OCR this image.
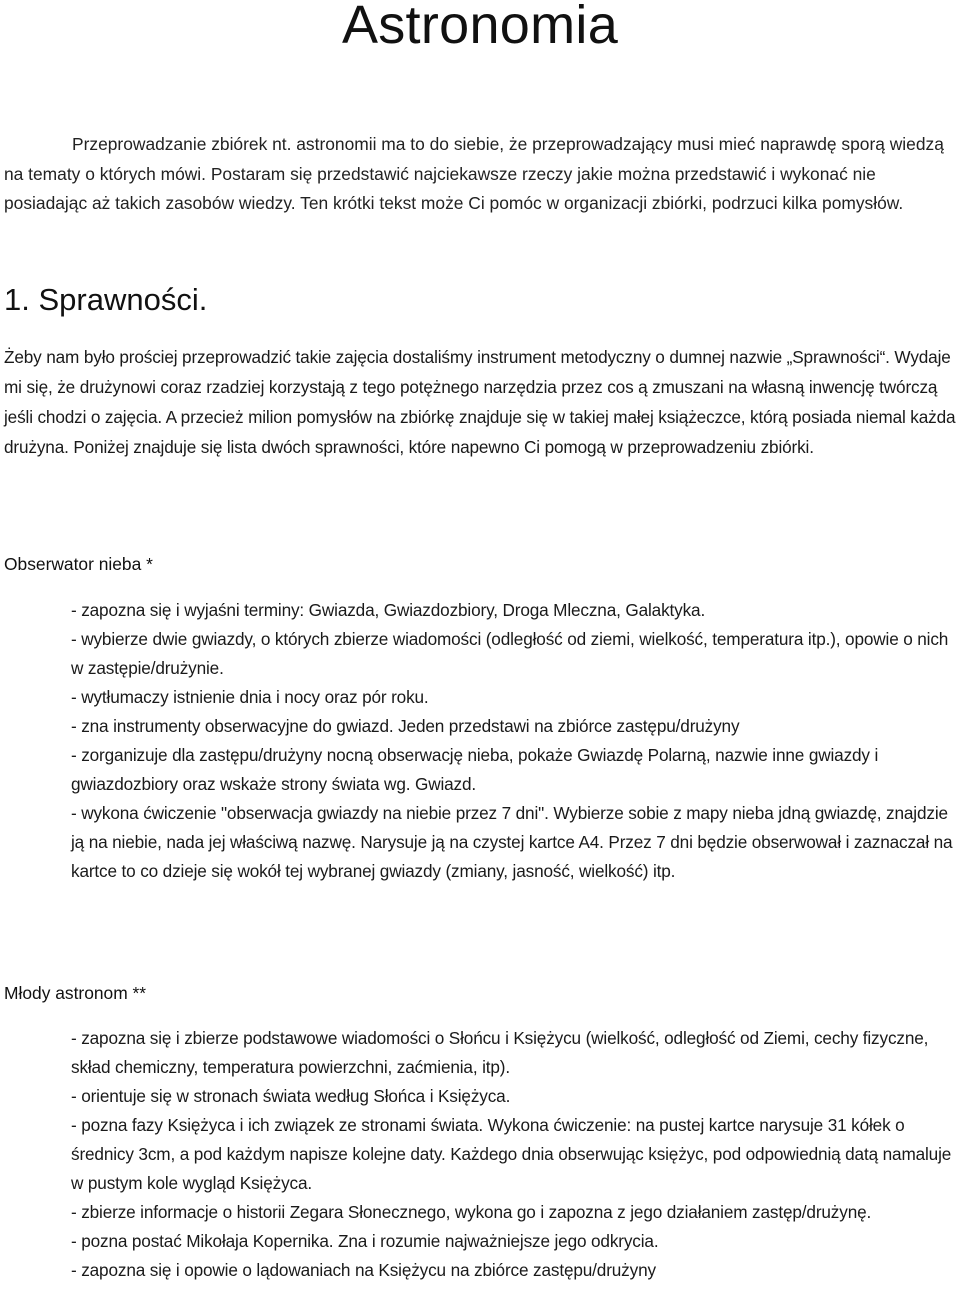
Astronomia

Przeprowadzanie zbiórek nt. astronomii ma to do siebie, że przeprowadzający musi mieć naprawdę sporą wiedzą na tematy o których mówi. Postaram się przedstawić najciekawsze rzeczy jakie można przedstawić i wykonać nie posiadając aż takich zasobów wiedzy. Ten krótki tekst może Ci pomóc w organizacji zbiórki, podrzuci kilka pomysłów.

1. Sprawności.

Żeby nam było prościej przeprowadzić takie zajęcia dostaliśmy instrument metodyczny o dumnej nazwie „Sprawności“. Wydaje mi się, że drużynowi coraz rzadziej korzystają z tego potężnego narzędzia przez cos ą zmuszani na własną inwencję twórczą jeśli chodzi o zajęcia. A przecież milion pomysłów na zbiórkę znajduje się w takiej małej książeczce, którą posiada niemal każda drużyna. Poniżej znajduje się lista dwóch sprawności, które napewno Ci pomogą w przeprowadzeniu zbiórki.

Obserwator nieba *
- zapozna się i wyjaśni terminy: Gwiazda, Gwiazdozbiory, Droga Mleczna, Galaktyka.
- wybierze dwie gwiazdy, o których zbierze wiadomości (odległość od ziemi, wielkość, temperatura itp.), opowie o nich w zastępie/drużynie.
- wytłumaczy istnienie dnia i nocy oraz pór roku.
- zna instrumenty obserwacyjne do gwiazd. Jeden przedstawi na zbiórce zastępu/drużyny
- zorganizuje dla zastępu/drużyny nocną obserwację nieba, pokaże Gwiazdę Polarną, nazwie inne gwiazdy i gwiazdozbiory oraz wskaże strony świata wg. Gwiazd.
- wykona ćwiczenie "obserwacja gwiazdy na niebie przez 7 dni". Wybierze sobie z mapy nieba jdną gwiazdę, znajdzie ją na niebie, nada jej właściwą nazwę. Narysuje ją na czystej kartce A4. Przez 7 dni będzie obserwował i zaznaczał na kartce to co dzieje się wokół tej wybranej gwiazdy (zmiany, jasność, wielkość) itp.
Młody astronom **
- zapozna się i zbierze podstawowe wiadomości o Słońcu i Księżycu (wielkość, odległość od Ziemi, cechy fizyczne, skład chemiczny, temperatura powierzchni, zaćmienia, itp).
- orientuje się w stronach świata według Słońca i Księżyca.
- pozna fazy Księżyca i ich związek ze stronami świata. Wykona ćwiczenie: na pustej kartce narysuje 31 kółek o średnicy 3cm, a pod każdym napisze kolejne daty. Każdego dnia obserwując księżyc, pod odpowiednią datą namaluje w pustym kole wygląd Księżyca.
- zbierze informacje o historii Zegara Słonecznego, wykona go i zapozna z jego działaniem zastęp/drużynę.
- pozna postać Mikołaja Kopernika. Zna i rozumie najważniejsze jego odkrycia.
- zapozna się i opowie o lądowaniach na Księżycu na zbiórce zastępu/drużyny
